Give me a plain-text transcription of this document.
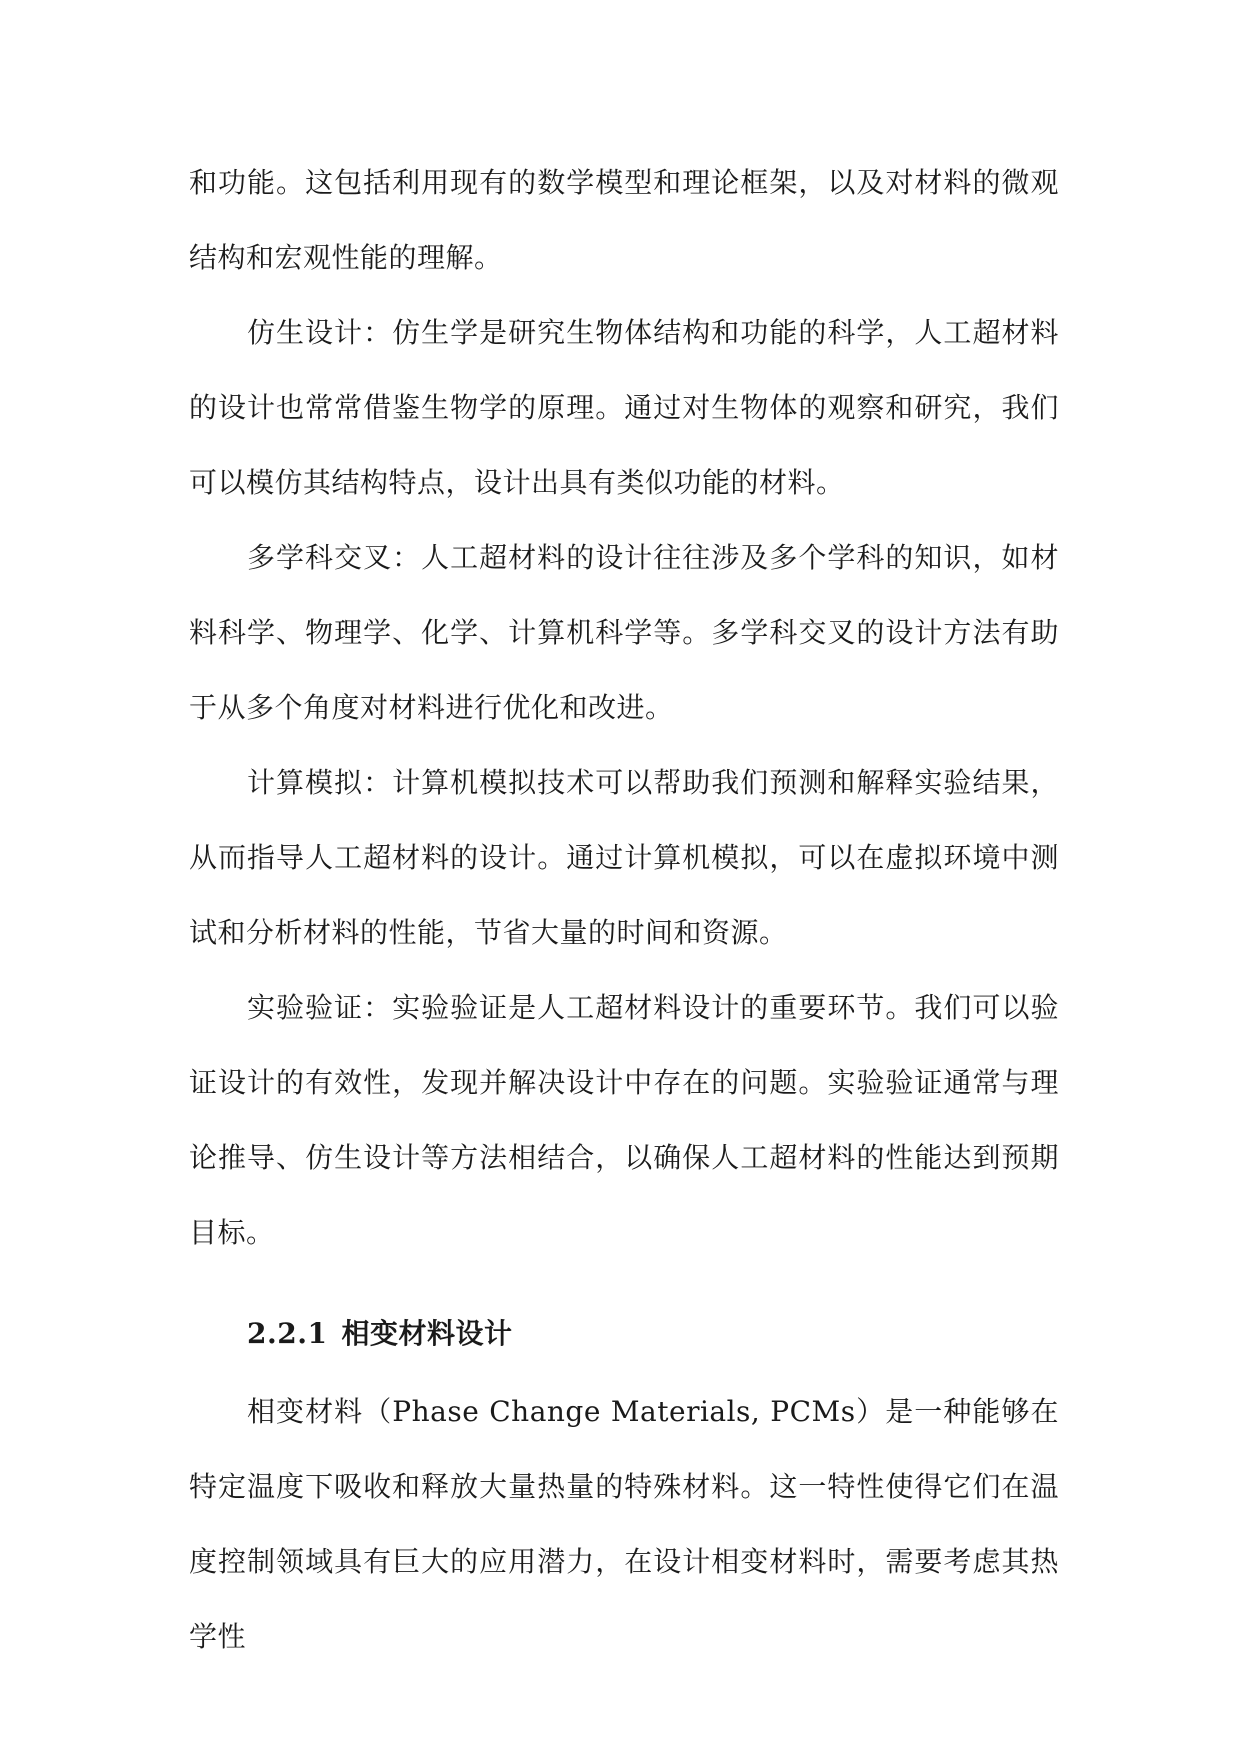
和功能。这包括利用现有的数学模型和理论框架，以及对材料的微观结构和宏观性能的理解。

仿生设计：仿生学是研究生物体结构和功能的科学，人工超材料的设计也常常借鉴生物学的原理。通过对生物体的观察和研究，我们可以模仿其结构特点，设计出具有类似功能的材料。

多学科交叉：人工超材料的设计往往涉及多个学科的知识，如材料科学、物理学、化学、计算机科学等。多学科交叉的设计方法有助于从多个角度对材料进行优化和改进。

计算模拟：计算机模拟技术可以帮助我们预测和解释实验结果，从而指导人工超材料的设计。通过计算机模拟，可以在虚拟环境中测试和分析材料的性能，节省大量的时间和资源。

实验验证：实验验证是人工超材料设计的重要环节。我们可以验证设计的有效性，发现并解决设计中存在的问题。实验验证通常与理论推导、仿生设计等方法相结合，以确保人工超材料的性能达到预期目标。

2.2.1 相变材料设计

相变材料（Phase Change Materials, PCMs）是一种能够在特定温度下吸收和释放大量热量的特殊材料。这一特性使得它们在温度控制领域具有巨大的应用潜力，在设计相变材料时，需要考虑其热学性
